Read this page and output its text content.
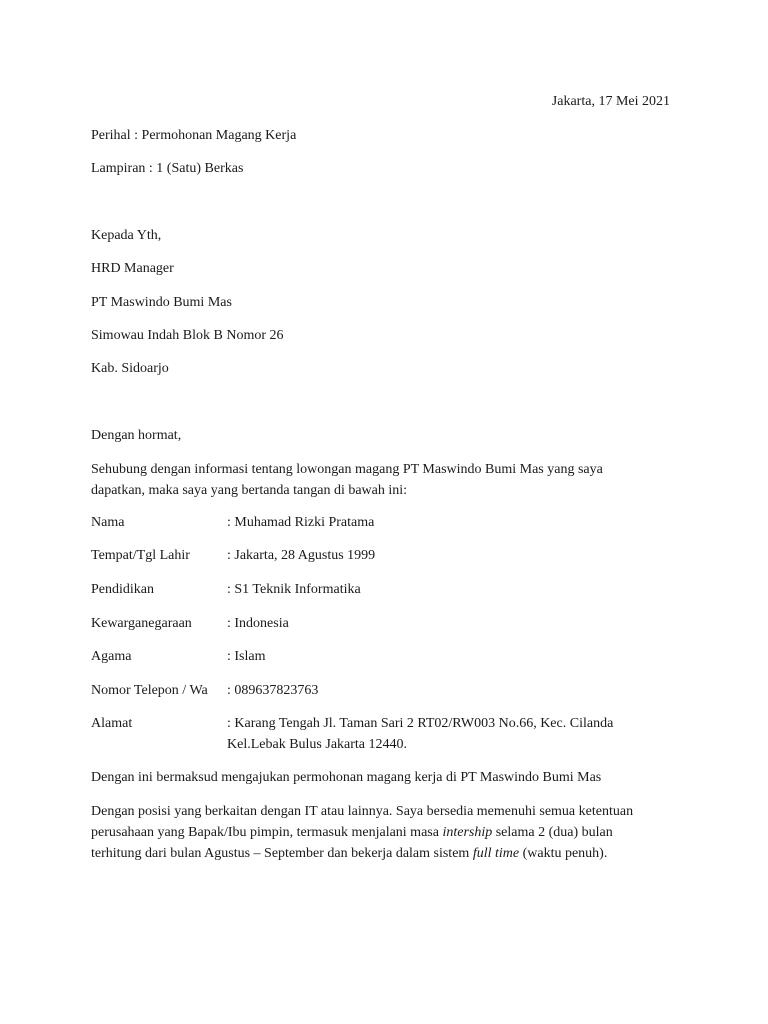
Jakarta, 17 Mei 2021
Perihal : Permohonan Magang Kerja
Lampiran : 1 (Satu) Berkas
Kepada Yth,
HRD Manager
PT Maswindo Bumi Mas
Simowau Indah Blok B Nomor 26
Kab. Sidoarjo
Dengan hormat,
Sehubung dengan informasi tentang lowongan magang PT Maswindo Bumi Mas yang saya
dapatkan, maka saya yang bertanda tangan di bawah ini:
Nama	: Muhamad Rizki Pratama
Tempat/Tgl Lahir	: Jakarta, 28 Agustus 1999
Pendidikan	: S1 Teknik Informatika
Kewarganegaraan	: Indonesia
Agama	: Islam
Nomor Telepon / Wa	: 089637823763
Alamat	: Karang Tengah Jl. Taman Sari 2 RT02/RW003 No.66, Kec. Cilanda
Kel.Lebak Bulus Jakarta 12440.
Dengan ini bermaksud mengajukan permohonan magang kerja di PT Maswindo Bumi Mas
Dengan posisi yang berkaitan dengan IT atau lainnya. Saya bersedia memenuhi semua ketentuan
perusahaan yang Bapak/Ibu pimpin, termasuk menjalani masa intership selama 2 (dua) bulan
terhitung dari bulan Agustus – September dan bekerja dalam sistem full time (waktu penuh).
